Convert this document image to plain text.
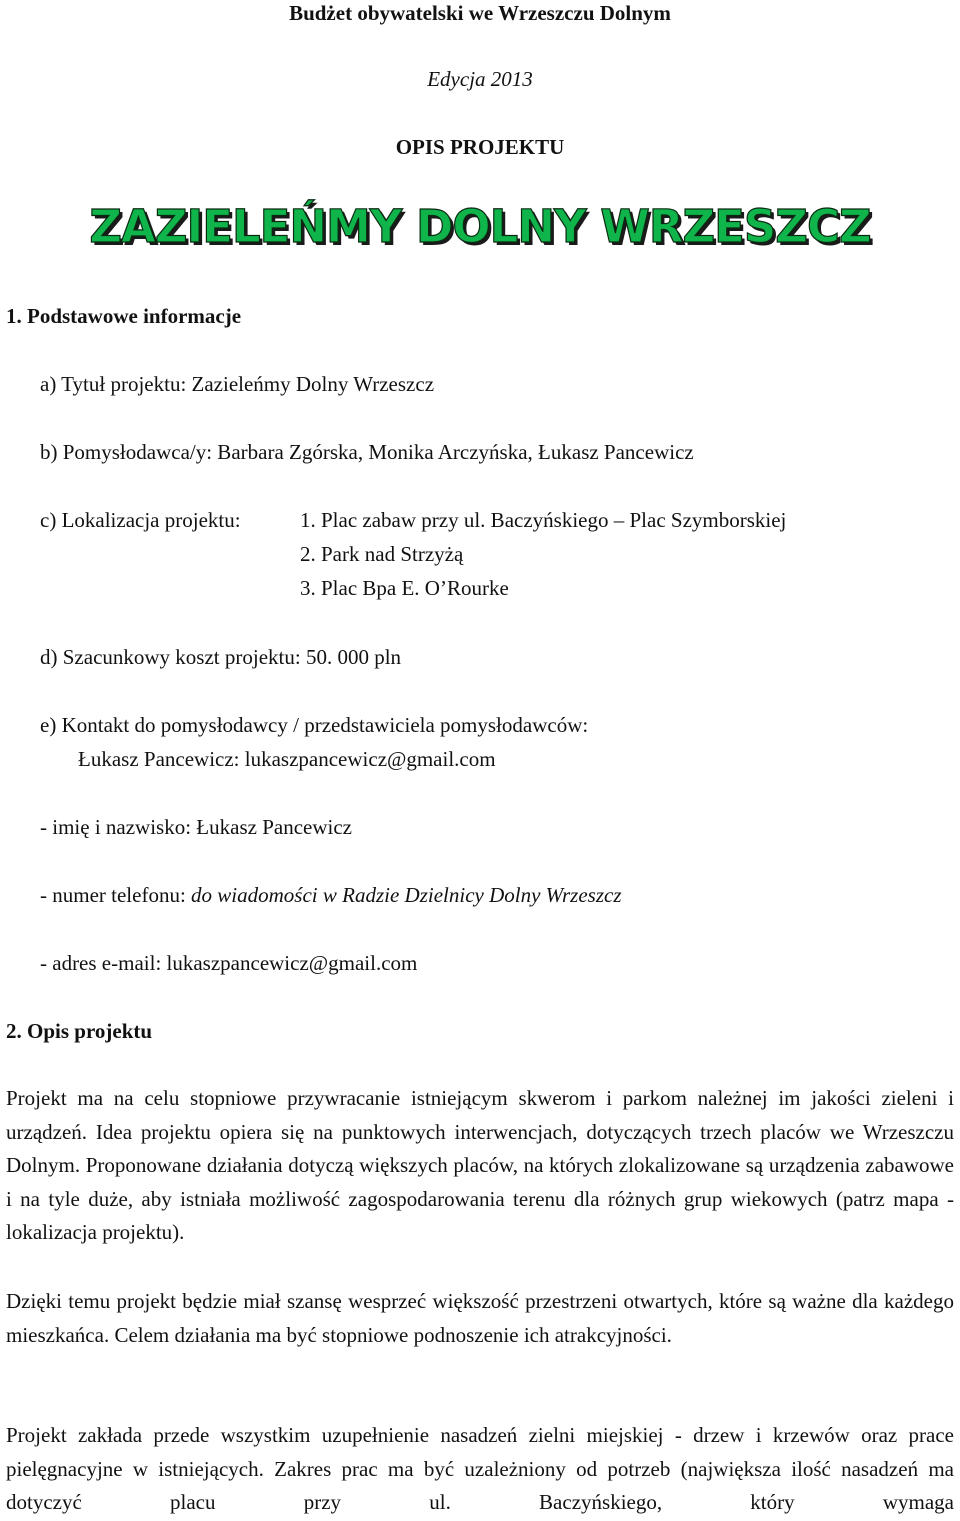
Budżet obywatelski we Wrzeszczu Dolnym
Edycja 2013
OPIS PROJEKTU
ZAZIELEŃMY DOLNY WRZESZCZ
1. Podstawowe informacje
a) Tytuł projektu: Zazieleńmy Dolny Wrzeszcz
b) Pomysłodawca/y: Barbara Zgórska, Monika Arczyńska, Łukasz Pancewicz
c) Lokalizacja projektu:	1. Plac zabaw przy ul. Baczyńskiego – Plac Szymborskiej
2. Park nad Strzyżą
3. Plac Bpa E. O’Rourke
d) Szacunkowy koszt projektu: 50. 000 pln
e) Kontakt do pomysłodawcy / przedstawiciela pomysłodawców:
Łukasz Pancewicz: lukaszpancewicz@gmail.com
- imię i nazwisko: Łukasz Pancewicz
- numer telefonu: do wiadomości w Radzie Dzielnicy Dolny Wrzeszcz
- adres e-mail: lukaszpancewicz@gmail.com
2. Opis projektu
Projekt ma na celu stopniowe przywracanie istniejącym skwerom i parkom należnej im jakości zieleni i urządzeń. Idea projektu opiera się na punktowych interwencjach, dotyczących trzech placów we Wrzeszczu Dolnym. Proponowane działania dotyczą większych placów, na których zlokalizowane są urządzenia zabawowe i na tyle duże, aby istniała możliwość zagospodarowania terenu dla różnych grup wiekowych (patrz mapa - lokalizacja projektu).
Dzięki temu projekt będzie miał szansę wesprzeć większość przestrzeni otwartych, które są ważne dla każdego mieszkańca. Celem działania ma być stopniowe podnoszenie ich atrakcyjności.
Projekt zakłada przede wszystkim uzupełnienie nasadzeń zielni miejskiej - drzew i krzewów oraz prace pielęgnacyjne w istniejących. Zakres prac ma być uzależniony od potrzeb (największa ilość nasadzeń ma dotyczyć placu przy ul. Baczyńskiego, który wymaga
